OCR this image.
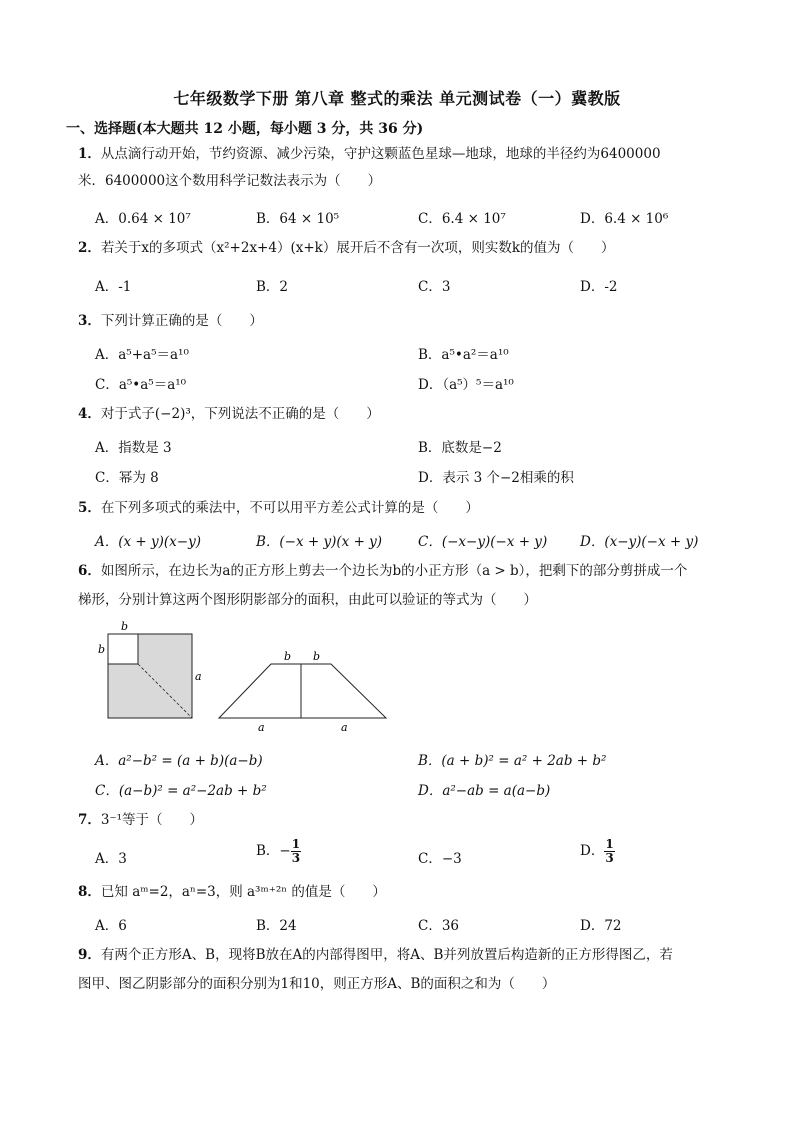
七年级数学下册 第八章 整式的乘法 单元测试卷（一）冀教版
一、选择题(本大题共 12 小题，每小题 3 分，共 36 分)
1．从点滴行动开始，节约资源、减少污染，守护这颗蓝色星球—地球，地球的半径约为6400000
米．6400000这个数用科学记数法表示为（　　）
A．0.64 × 10⁷	B．64 × 10⁵	C．6.4 × 10⁷	D．6.4 × 10⁶
2．若关于x的多项式（x²+2x+4）(x+k）展开后不含有一次项，则实数k的值为（　　）
A．-1	B．2	C．3	D．-2
3．下列计算正确的是（　　）
A．a⁵+a⁵＝a¹⁰	B．a⁵•a²＝a¹⁰
C．a⁵•a⁵＝a¹⁰	D．（a⁵）⁵＝a¹⁰
4．对于式子(−2)³，下列说法不正确的是（　　）
A．指数是 3	B．底数是−2
C．幂为 8	D．表示 3 个−2相乘的积
5．在下列多项式的乘法中，不可以用平方差公式计算的是（　　）
A．(x + y)(x−y)	B．(−x + y)(x + y)	C．(−x−y)(−x + y) D．(x−y)(−x + y)
6．如图所示，在边长为a的正方形上剪去一个边长为b的小正方形（a > b），把剩下的部分剪拼成一个
梯形，分别计算这两个图形阴影部分的面积，由此可以验证的等式为（　　）
b
b
a
b b
a	a
A．a²−b² = (a + b)(a−b)	B．(a + b)² = a² + 2ab + b²
C．(a−b)² = a²−2ab + b²	D．a²−ab = a(a−b)
7．3⁻¹等于（　　）
A．3	B．− $\frac{1}{3}$	C．−3	D． $\frac{1}{3}$
8．已知 aᵐ=2，aⁿ=3，则 a³ᵐ⁺²ⁿ 的值是（　　）
A．6	B．24	C．36	D．72
9．有两个正方形A、B，现将B放在A的内部得图甲，将A、B并列放置后构造新的正方形得图乙，若
图甲、图乙阴影部分的面积分别为1和10，则正方形A、B的面积之和为（　　）
